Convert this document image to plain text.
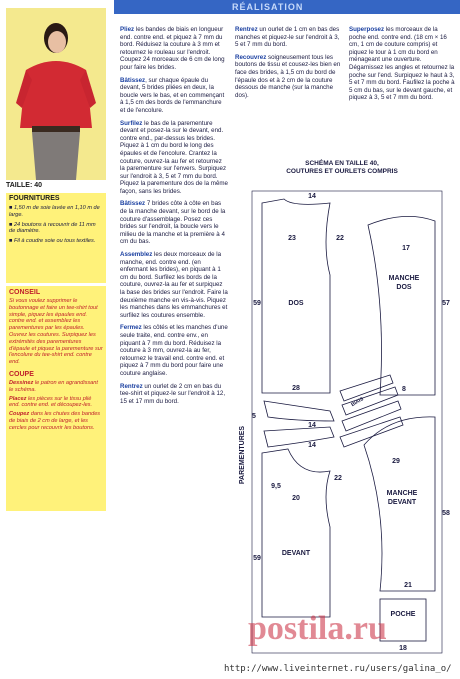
RÉALISATION
TAILLE: 40
FOURNITURES
■ 1,50 m de soie lavée en 1,10 m de large.
■ 24 boutons à recouvrir de 11 mm de diamètre.
■ Fil à coudre soie ou tous textiles.
CONSEIL
Si vous voulez supprimer le boutonnage et faire un tee-shirt tout simple, piquez les épaules end. contre end. et assemblez les parementures par les épaules. Ouvrez les coutures. Surpiquez les extrémités des parementures d'épaule et piquez la parementure sur l'encolure du tee-shirt end. contre end.
COUPE
Dessinez le patron en agrandissant le schéma.
Placez les pièces sur le tissu plié end. contre end. et découpez-les.
Coupez dans les chutes des bandes de biais de 2 cm de large, et les cercles pour recouvrir les boutons.

Pliez les bandes de biais en longueur end. contre end. et piquez à 7 mm du bord. Réduisez la couture à 3 mm et retournez le rouleau sur l'endroit. Coupez 24 morceaux de 6 cm de long pour faire les brides.

Bâtissez, sur chaque épaule du devant, 5 brides pliées en deux, la boucle vers le bas, et en commençant à 1,5 cm des bords de l'emmanchure et de l'encolure.

Surfilez le bas de la parementure devant et posez-la sur le devant, end. contre end., par-dessus les brides. Piquez à 1 cm du bord le long des épaules et de l'encolure. Crantez la couture, ouvrez-la au fer et retournez la parementure sur l'envers. Surpiquez sur l'endroit à 3, 5 et 7 mm du bord. Piquez la parementure dos de la même façon, sans les brides.

Bâtissez 7 brides côte à côte en bas de la manche devant, sur le bord de la couture d'assemblage. Posez ces brides sur l'endroit, la boucle vers le milieu de la manche et la première à 4 cm du bas.

Assemblez les deux morceaux de la manche, end. contre end. (en enfermant les brides), en piquant à 1 cm du bord. Surfilez les bords de la couture, ouvrez-la au fer et surpiquez la base des brides sur l'endroit. Faire la deuxième manche en vis-à-vis. Piquez les manches dans les emmanchures et surfilez les coutures ensemble.

Fermez les côtés et les manches d'une seule traite, end. contre env., en piquant à 7 mm du bord. Réduisez la couture à 3 mm, ouvrez-la au fer, retournez le travail end. contre end. et piquez à 7 mm du bord pour faire une couture anglaise.

Rentrez un ourlet de 2 cm en bas du tee-shirt et piquez-le sur l'endroit à 12, 15 et 17 mm du bord.

Rentrez un ourlet de 1 cm en bas des manches et piquez-le sur l'endroit à 3, 5 et 7 mm du bord.

Recouvrez soigneusement tous les boutons de tissu et cousez-les bien en face des brides, à 1,5 cm du bord de l'épaule dos et à 2 cm de la couture dessous de manche (sur la manche dos).

Superposez les morceaux de la poche end. contre end. (18 cm × 16 cm, 1 cm de couture compris) et piquez le tour à 1 cm du bord en ménageant une ouverture. Dégarnissez les angles et retournez la poche sur l'end. Surpiquez le haut à 3, 5 et 7 mm du bord. Faufilez la poche à 5 cm du bas, sur le devant gauche, et piquez à 3, 5 et 7 mm du bord.

SCHÉMA EN TAILLE 40,
COUTURES ET OURLETS COMPRIS
DOS
MANCHE
DOS
MANCHE
DEVANT
DEVANT
POCHE
PAREMENTURES
BIAIS
14
23	22
59
28
17
57
8
14
14
20
9,5
5
29
22
58
59
21
18
postila.ru
http://www.liveinternet.ru/users/galina_o/
